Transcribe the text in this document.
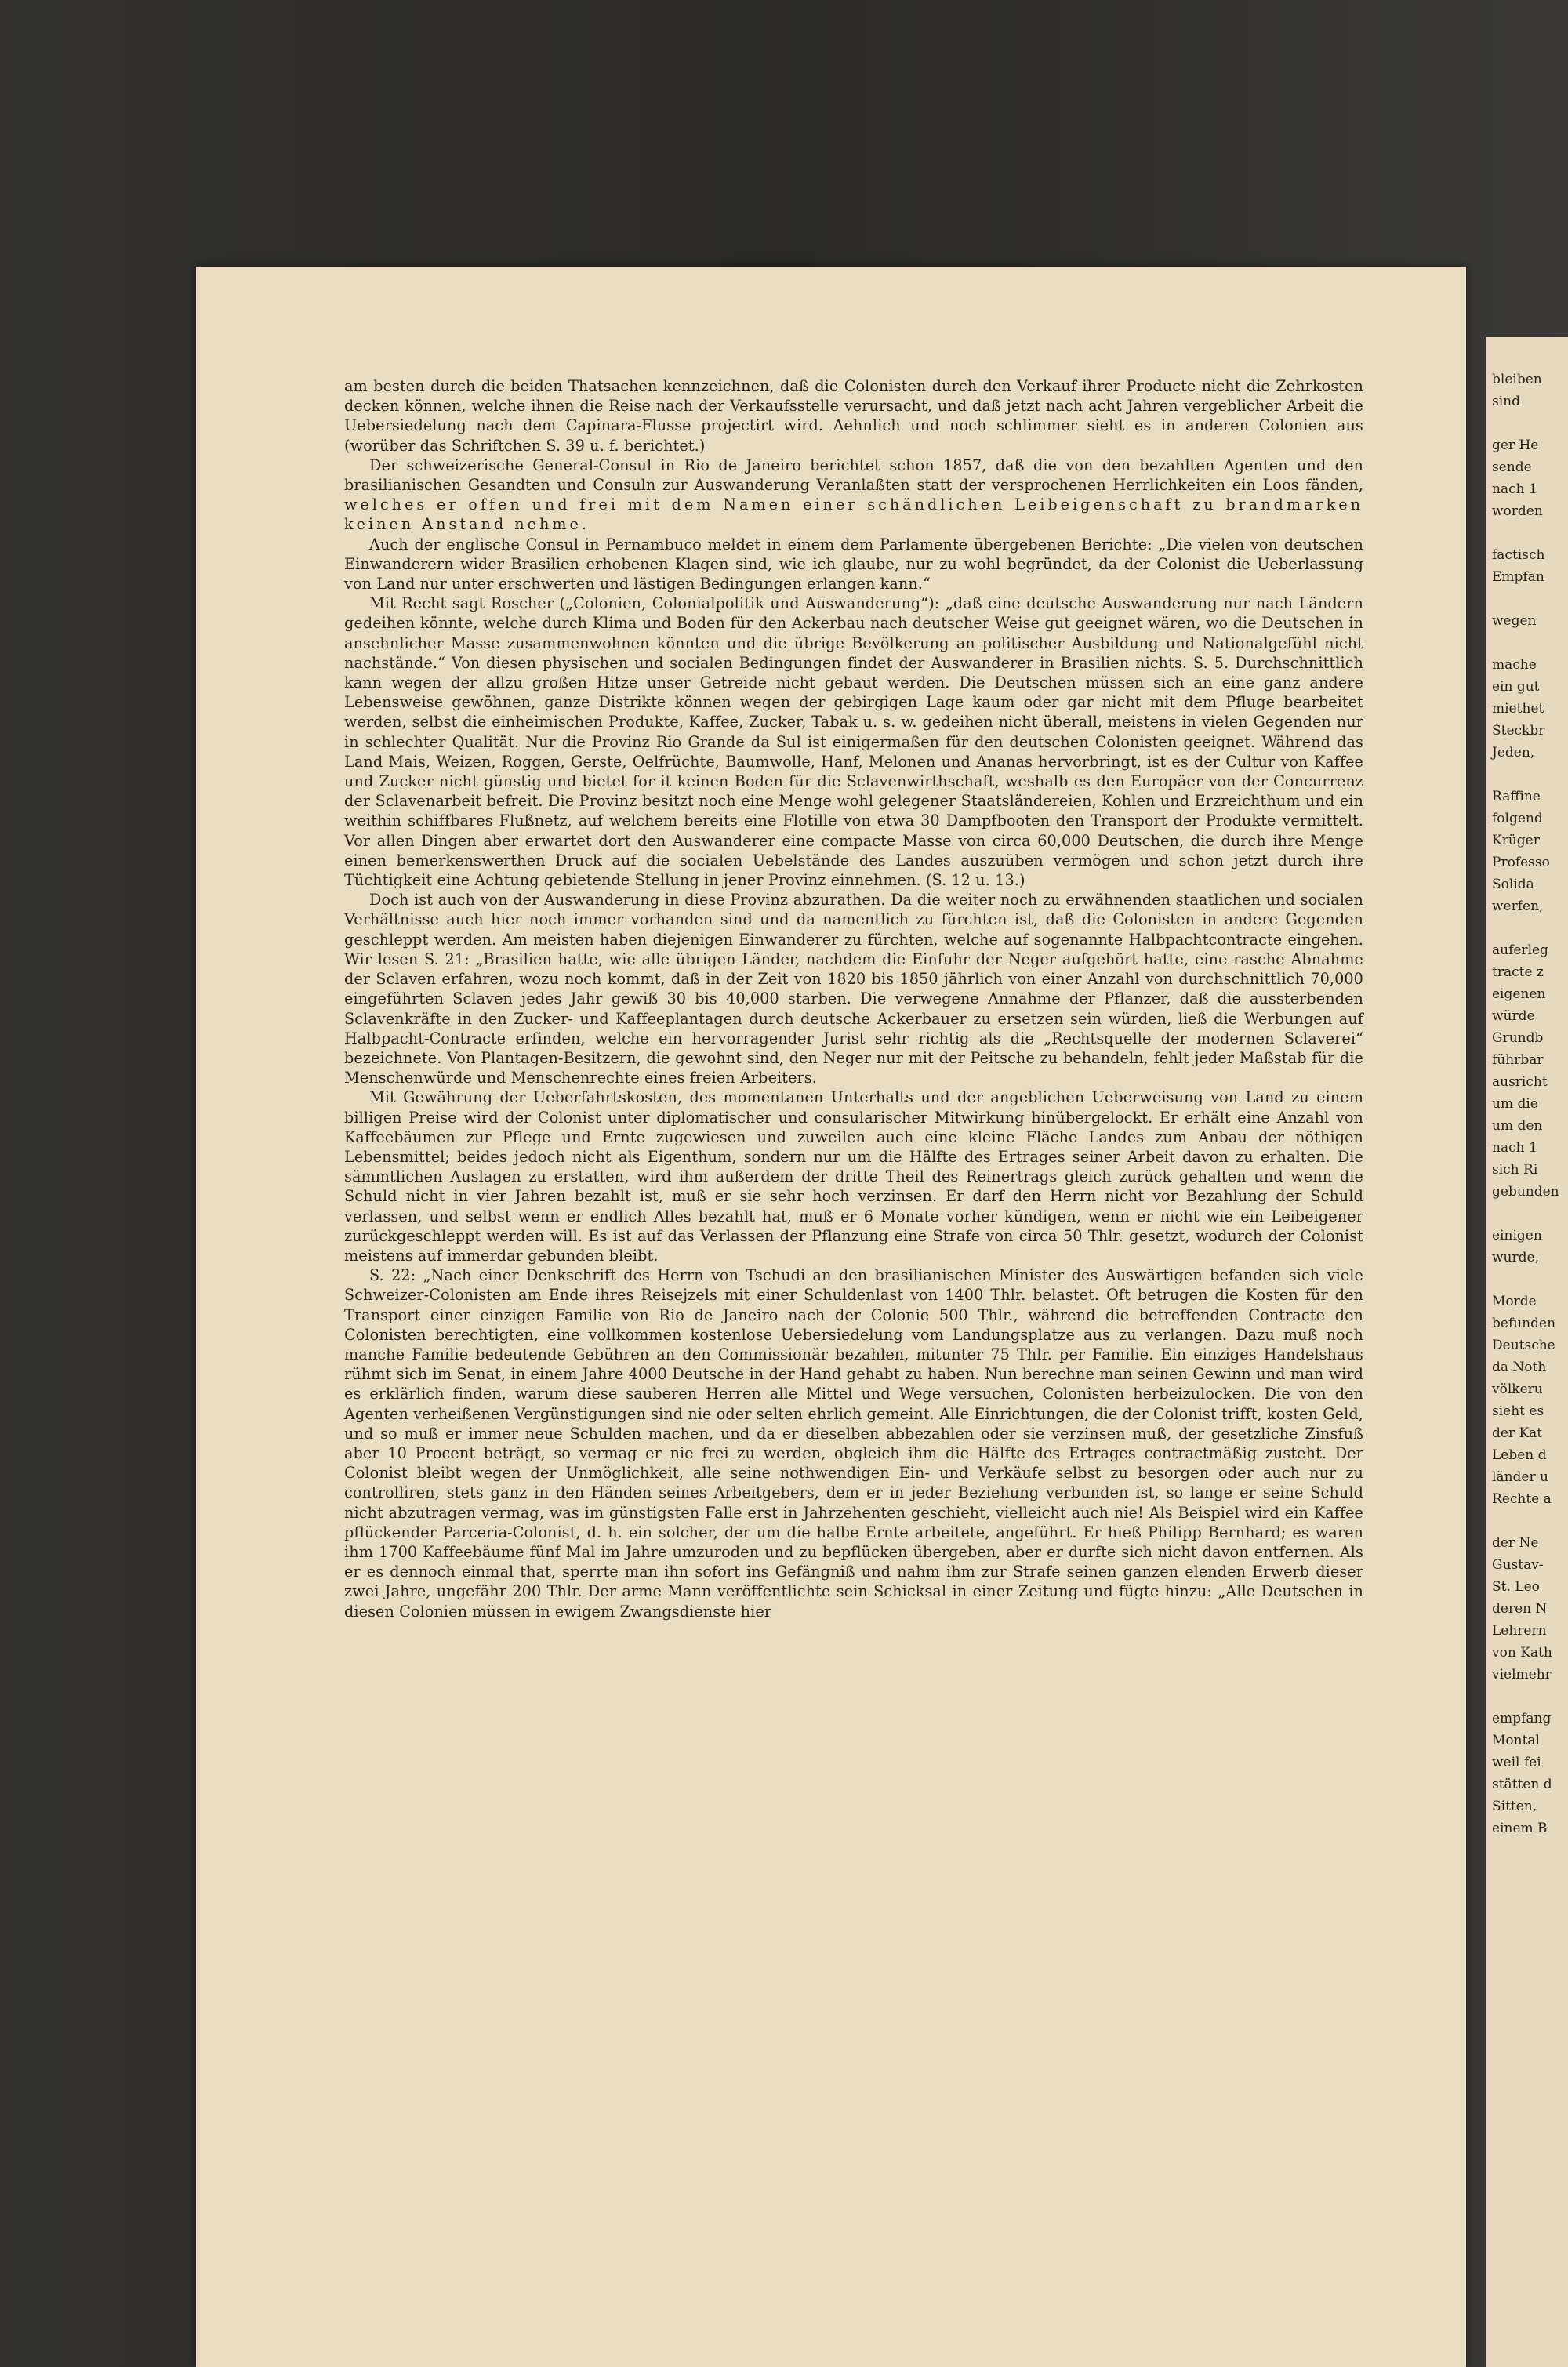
bleiben
sind
ger He
sende
nach 1
worden
factisch
Empfan
wegen
mache
ein gut
miethet
Steckbr
Jeden,
Raffine
folgend
Krüger
Professo
Solida
werfen,
auferleg
tracte z
eigenen
würde
Grundb
führbar
ausricht
um die
um den
nach 1
sich Ri
gebunden
einigen
wurde,
Morde
befunden
Deutsche
da Noth
völkeru
sieht es
der Kat
Leben d
länder u
Rechte a
der Ne
Gustav-
St. Leo
deren N
Lehrern
von Kath
vielmehr
empfang
Montal
weil fei
stätten d
Sitten,
einem B

am besten durch die beiden Thatsachen kennzeichnen, daß die Colonisten durch den Verkauf ihrer Producte nicht die Zehrkosten decken können, welche ihnen die Reise nach der Verkaufsstelle verursacht, und daß jetzt nach acht Jahren vergeblicher Arbeit die Uebersiedelung nach dem Capinara-Flusse projectirt wird. Aehnlich und noch schlimmer sieht es in anderen Colonien aus (worüber das Schriftchen S. 39 u. f. berichtet.)

Der schweizerische General-Consul in Rio de Janeiro berichtet schon 1857, daß die von den bezahlten Agenten und den brasilianischen Gesandten und Consuln zur Auswanderung Veranlaßten statt der versprochenen Herrlichkeiten ein Loos fänden, welches er offen und frei mit dem Namen einer schändlichen Leibeigenschaft zu brandmarken keinen Anstand nehme.

Auch der englische Consul in Pernambuco meldet in einem dem Parlamente übergebenen Berichte: „Die vielen von deutschen Einwanderern wider Brasilien erhobenen Klagen sind, wie ich glaube, nur zu wohl begründet, da der Colonist die Ueberlassung von Land nur unter erschwerten und lästigen Bedingungen erlangen kann.“

Mit Recht sagt Roscher („Colonien, Colonialpolitik und Auswanderung“): „daß eine deutsche Auswanderung nur nach Ländern gedeihen könnte, welche durch Klima und Boden für den Ackerbau nach deutscher Weise gut geeignet wären, wo die Deutschen in ansehnlicher Masse zusammenwohnen könnten und die übrige Bevölkerung an politischer Ausbildung und Nationalgefühl nicht nachstände.“ Von diesen physischen und socialen Bedingungen findet der Auswanderer in Brasilien nichts. S. 5. Durchschnittlich kann wegen der allzu großen Hitze unser Getreide nicht gebaut werden. Die Deutschen müssen sich an eine ganz andere Lebensweise gewöhnen, ganze Distrikte können wegen der gebirgigen Lage kaum oder gar nicht mit dem Pfluge bearbeitet werden, selbst die einheimischen Produkte, Kaffee, Zucker, Tabak u. s. w. gedeihen nicht überall, meistens in vielen Gegenden nur in schlechter Qualität. Nur die Provinz Rio Grande da Sul ist einigermaßen für den deutschen Colonisten geeignet. Während das Land Mais, Weizen, Roggen, Gerste, Oelfrüchte, Baumwolle, Hanf, Melonen und Ananas hervorbringt, ist es der Cultur von Kaffee und Zucker nicht günstig und bietet for it keinen Boden für die Sclavenwirthschaft, weshalb es den Europäer von der Concurrenz der Sclavenarbeit befreit. Die Provinz besitzt noch eine Menge wohl gelegener Staatsländereien, Kohlen und Erzreichthum und ein weithin schiffbares Flußnetz, auf welchem bereits eine Flotille von etwa 30 Dampfbooten den Transport der Produkte vermittelt. Vor allen Dingen aber erwartet dort den Auswanderer eine compacte Masse von circa 60,000 Deutschen, die durch ihre Menge einen bemerkenswerthen Druck auf die socialen Uebelstände des Landes auszuüben vermögen und schon jetzt durch ihre Tüchtigkeit eine Achtung gebietende Stellung in jener Provinz einnehmen. (S. 12 u. 13.)

Doch ist auch von der Auswanderung in diese Provinz abzurathen. Da die weiter noch zu erwähnenden staatlichen und socialen Verhältnisse auch hier noch immer vorhanden sind und da namentlich zu fürchten ist, daß die Colonisten in andere Gegenden geschleppt werden. Am meisten haben diejenigen Einwanderer zu fürchten, welche auf sogenannte Halbpachtcontracte eingehen. Wir lesen S. 21: „Brasilien hatte, wie alle übrigen Länder, nachdem die Einfuhr der Neger aufgehört hatte, eine rasche Abnahme der Sclaven erfahren, wozu noch kommt, daß in der Zeit von 1820 bis 1850 jährlich von einer Anzahl von durchschnittlich 70,000 eingeführten Sclaven jedes Jahr gewiß 30 bis 40,000 starben. Die verwegene Annahme der Pflanzer, daß die aussterbenden Sclavenkräfte in den Zucker- und Kaffeeplantagen durch deutsche Ackerbauer zu ersetzen sein würden, ließ die Werbungen auf Halbpacht-Contracte erfinden, welche ein hervorragender Jurist sehr richtig als die „Rechtsquelle der modernen Sclaverei“ bezeichnete. Von Plantagen-Besitzern, die gewohnt sind, den Neger nur mit der Peitsche zu behandeln, fehlt jeder Maßstab für die Menschenwürde und Menschenrechte eines freien Arbeiters.

Mit Gewährung der Ueberfahrtskosten, des momentanen Unterhalts und der angeblichen Ueberweisung von Land zu einem billigen Preise wird der Colonist unter diplomatischer und consularischer Mitwirkung hinübergelockt. Er erhält eine Anzahl von Kaffeebäumen zur Pflege und Ernte zugewiesen und zuweilen auch eine kleine Fläche Landes zum Anbau der nöthigen Lebensmittel; beides jedoch nicht als Eigenthum, sondern nur um die Hälfte des Ertrages seiner Arbeit davon zu erhalten. Die sämmtlichen Auslagen zu erstatten, wird ihm außerdem der dritte Theil des Reinertrags gleich zurück gehalten und wenn die Schuld nicht in vier Jahren bezahlt ist, muß er sie sehr hoch verzinsen. Er darf den Herrn nicht vor Bezahlung der Schuld verlassen, und selbst wenn er endlich Alles bezahlt hat, muß er 6 Monate vorher kündigen, wenn er nicht wie ein Leibeigener zurückgeschleppt werden will. Es ist auf das Verlassen der Pflanzung eine Strafe von circa 50 Thlr. gesetzt, wodurch der Colonist meistens auf immerdar gebunden bleibt.

S. 22: „Nach einer Denkschrift des Herrn von Tschudi an den brasilianischen Minister des Auswärtigen befanden sich viele Schweizer-Colonisten am Ende ihres Reisejzels mit einer Schuldenlast von 1400 Thlr. belastet. Oft betrugen die Kosten für den Transport einer einzigen Familie von Rio de Janeiro nach der Colonie 500 Thlr., während die betreffenden Contracte den Colonisten berechtigten, eine vollkommen kostenlose Uebersiedelung vom Landungsplatze aus zu verlangen. Dazu muß noch manche Familie bedeutende Gebühren an den Commissionär bezahlen, mitunter 75 Thlr. per Familie. Ein einziges Handelshaus rühmt sich im Senat, in einem Jahre 4000 Deutsche in der Hand gehabt zu haben. Nun berechne man seinen Gewinn und man wird es erklärlich finden, warum diese sauberen Herren alle Mittel und Wege versuchen, Colonisten herbeizulocken. Die von den Agenten verheißenen Vergünstigungen sind nie oder selten ehrlich gemeint. Alle Einrichtungen, die der Colonist trifft, kosten Geld, und so muß er immer neue Schulden machen, und da er dieselben abbezahlen oder sie verzinsen muß, der gesetzliche Zinsfuß aber 10 Procent beträgt, so vermag er nie frei zu werden, obgleich ihm die Hälfte des Ertrages contractmäßig zusteht. Der Colonist bleibt wegen der Unmöglichkeit, alle seine nothwendigen Ein- und Verkäufe selbst zu besorgen oder auch nur zu controlliren, stets ganz in den Händen seines Arbeitgebers, dem er in jeder Beziehung verbunden ist, so lange er seine Schuld nicht abzutragen vermag, was im günstigsten Falle erst in Jahrzehenten geschieht, vielleicht auch nie! Als Beispiel wird ein Kaffee pflückender Parceria-Colonist, d. h. ein solcher, der um die halbe Ernte arbeitete, angeführt. Er hieß Philipp Bernhard; es waren ihm 1700 Kaffeebäume fünf Mal im Jahre umzuroden und zu bepflücken übergeben, aber er durfte sich nicht davon entfernen. Als er es dennoch einmal that, sperrte man ihn sofort ins Gefängniß und nahm ihm zur Strafe seinen ganzen elenden Erwerb dieser zwei Jahre, ungefähr 200 Thlr. Der arme Mann veröffentlichte sein Schicksal in einer Zeitung und fügte hinzu: „Alle Deutschen in diesen Colonien müssen in ewigem Zwangsdienste hier
